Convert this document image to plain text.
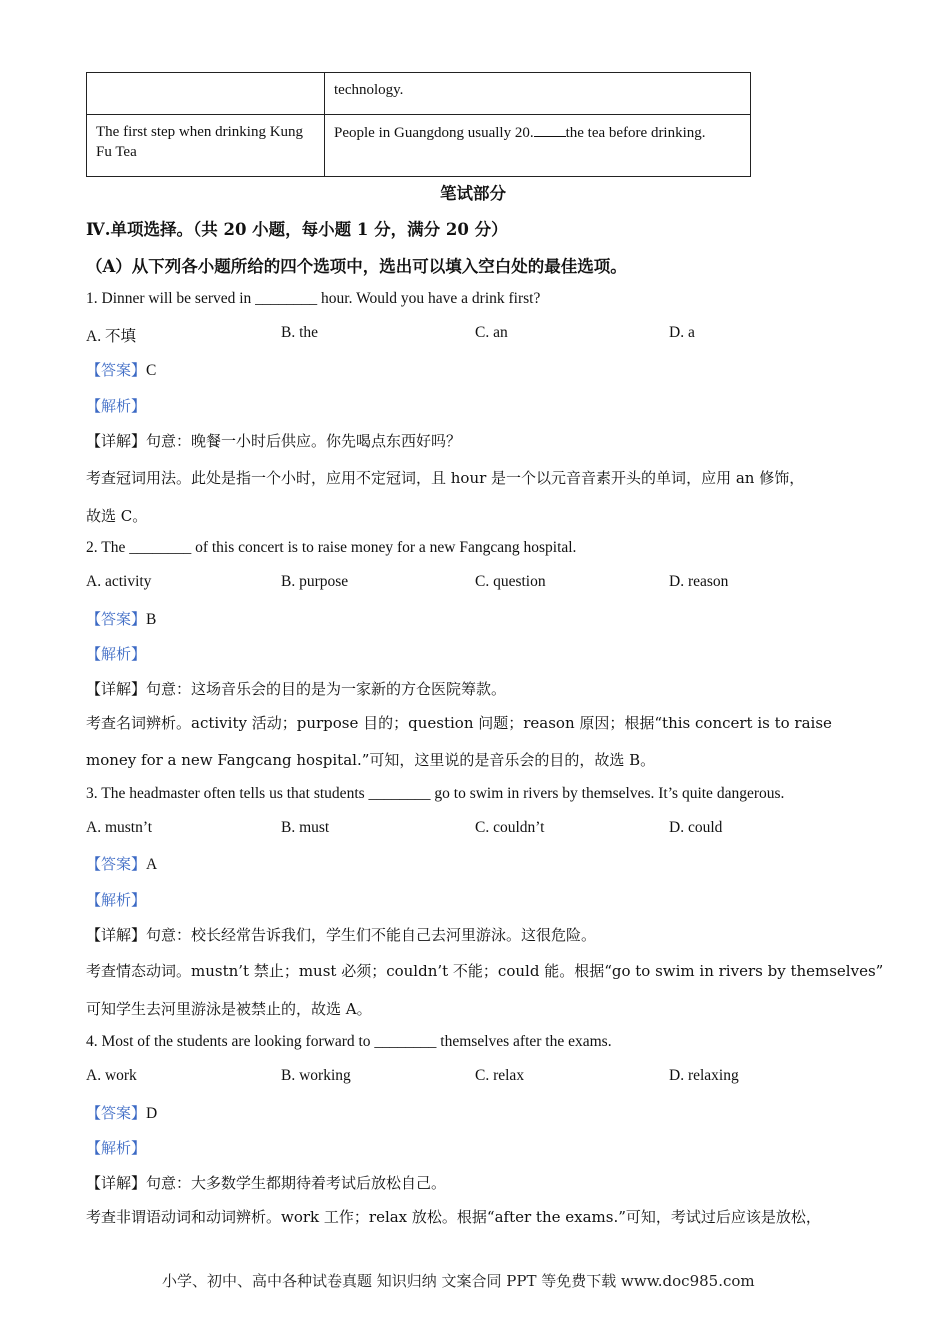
	technology.
The first step when drinking Kung Fu Tea	People in Guangdong usually 20. the tea before drinking.
笔试部分
Ⅳ.单项选择。（共 20 小题，每小题 1 分，满分 20 分）
（A）从下列各小题所给的四个选项中，选出可以填入空白处的最佳选项。
1. Dinner will be served in ________ hour. Would you have a drink first?
A. 不填	B. the	C. an	D. a
【答案】C
【解析】
【详解】句意：晚餐一小时后供应。你先喝点东西好吗？
考查冠词用法。此处是指一个小时，应用不定冠词，且 hour 是一个以元音音素开头的单词，应用 an 修饰，
故选 C。
2. The ________ of this concert is to raise money for a new Fangcang hospital.
A. activity	B. purpose	C. question	D. reason
【答案】B
【解析】
【详解】句意：这场音乐会的目的是为一家新的方仓医院筹款。
考查名词辨析。activity 活动；purpose 目的；question 问题；reason 原因；根据“this concert is to raise
money for a new Fangcang hospital.”可知，这里说的是音乐会的目的，故选 B。
3. The headmaster often tells us that students ________ go to swim in rivers by themselves. It’s quite dangerous.
A. mustn’t	B. must	C. couldn’t	D. could
【答案】A
【解析】
【详解】句意：校长经常告诉我们，学生们不能自己去河里游泳。这很危险。
考查情态动词。mustn’t 禁止；must 必须；couldn’t 不能；could 能。根据“go to swim in rivers by themselves”
可知学生去河里游泳是被禁止的，故选 A。
4. Most of the students are looking forward to ________ themselves after the exams.
A. work	B. working	C. relax	D. relaxing
【答案】D
【解析】
【详解】句意：大多数学生都期待着考试后放松自己。
考查非谓语动词和动词辨析。work 工作；relax 放松。根据“after the exams.”可知，考试过后应该是放松，
小学、初中、高中各种试卷真题 知识归纳 文案合同 PPT 等免费下载 www.doc985.com
